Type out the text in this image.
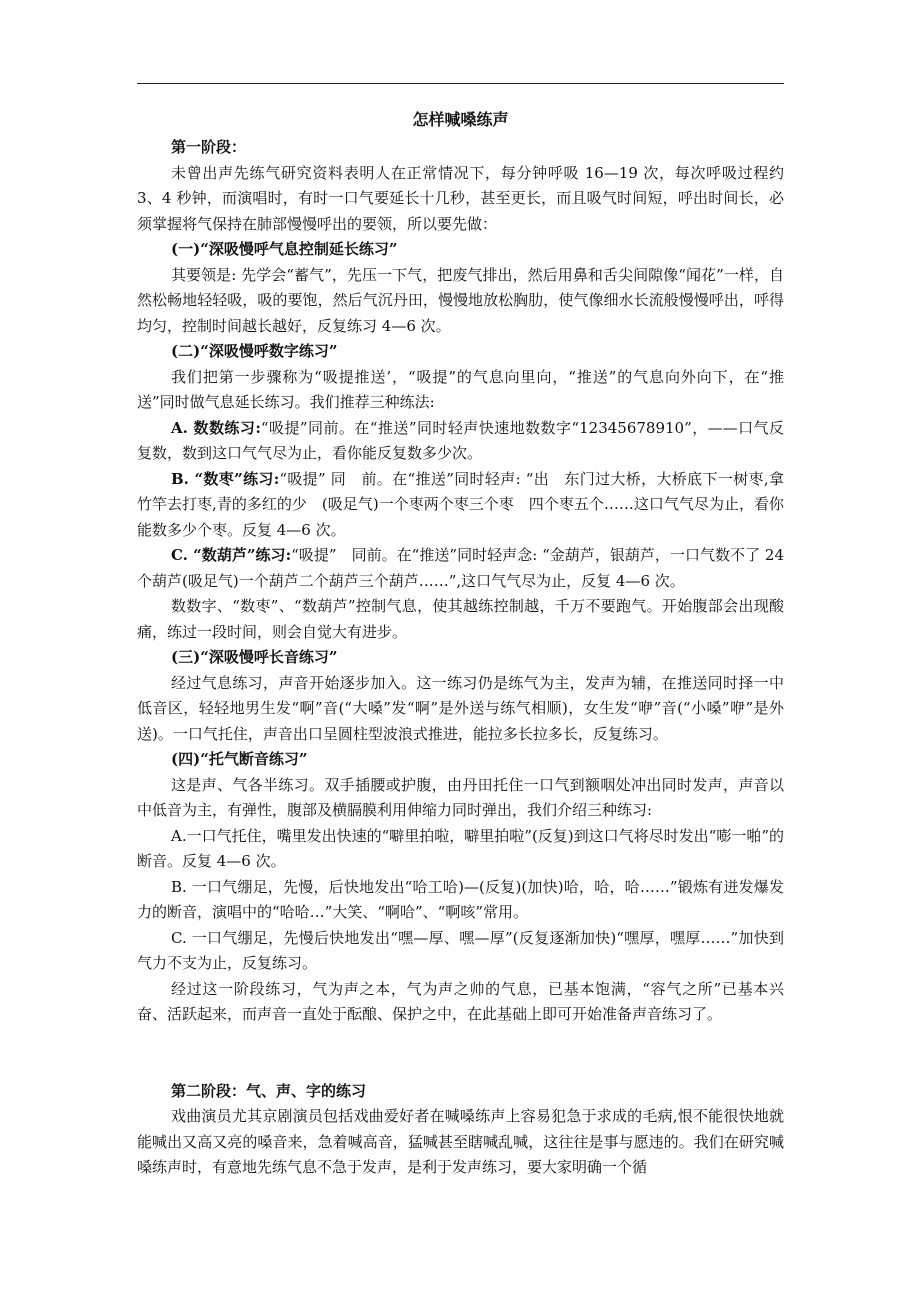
怎样喊嗓练声
第一阶段：

未曾出声先练气研究资料表明人在正常情况下，每分钟呼吸 16—19 次，每次呼吸过程约 3、4 秒钟，而演唱时，有时一口气要延长十几秒，甚至更长，而且吸气时间短，呼出时间长，必须掌握将气保持在肺部慢慢呼出的要领，所以要先做：

(一)“深吸慢呼气息控制延长练习”

其要领是: 先学会“蓄气”，先压一下气，把废气排出，然后用鼻和舌尖间隙像“闻花”一样，自然松畅地轻轻吸，吸的要饱，然后气沉丹田，慢慢地放松胸肋，使气像细水长流般慢慢呼出，呼得均匀，控制时间越长越好，反复练习 4—6 次。

(二)“深吸慢呼数字练习”

我们把第一步骤称为“吸提推送’，“吸提”的气息向里向，“推送”的气息向外向下，在“推送”同时做气息延长练习。我们推荐三种练法:

A. 数数练习:“吸提”同前。在“推送”同时轻声快速地数数字“12345678910”，——口气反复数，数到这口气气尽为止，看你能反复数多少次。

B. “数枣”练习:“吸提” 同　前。在“推送”同时轻声: “出　东门过大桥，大桥底下一树枣,拿竹竿去打枣,青的多红的少　(吸足气)一个枣两个枣三个枣　四个枣五个……这口气气尽为止，看你能数多少个枣。反复 4—6 次。

C. “数葫芦”练习:“吸提”　同前。在“推送”同时轻声念: “金葫芦，银葫芦，一口气数不了 24 个葫芦(吸足气)一个葫芦二个葫芦三个葫芦……”,这口气气尽为止，反复 4—6 次。

数数字、“数枣”、“数葫芦”控制气息，使其越练控制越，千万不要跑气。开始腹部会出现酸痛，练过一段时间，则会自觉大有进步。

(三)“深吸慢呼长音练习”

经过气息练习，声音开始逐步加入。这一练习仍是练气为主，发声为辅，在推送同时择一中低音区，轻轻地男生发“啊”音(“大嗓”发“啊”是外送与练气相顺)，女生发“咿”音(“小嗓”咿”是外送)。一口气托住，声音出口呈圆柱型波浪式推进，能拉多长拉多长，反复练习。

(四)“托气断音练习”

这是声、气各半练习。双手插腰或护腹，由丹田托住一口气到额咽处冲出同时发声，声音以中低音为主，有弹性，腹部及横膈膜利用伸缩力同时弹出，我们介绍三种练习:

A.一口气托住，嘴里发出快速的“噼里拍啦，噼里拍啦”(反复)到这口气将尽时发出“嘭一啪”的断音。反复 4—6 次。

B. 一口气绷足，先慢，后快地发出“哈工哈)—(反复)(加快)哈，哈，哈……”锻炼有迸发爆发力的断音，演唱中的“哈哈…”大笑、“啊哈”、“啊咳”常用。

C. 一口气绷足，先慢后快地发出“嘿—厚、嘿—厚”(反复逐渐加快)“嘿厚，嘿厚……”加快到气力不支为止，反复练习。

经过这一阶段练习，气为声之本，气为声之帅的气息，已基本饱满，“容气之所”已基本兴奋、活跃起来，而声音一直处于酝酿、保护之中，在此基础上即可开始准备声音练习了。

第二阶段：气、声、字的练习

戏曲演员尤其京剧演员包括戏曲爱好者在喊嗓练声上容易犯急于求成的毛病,恨不能很快地就能喊出又高又亮的嗓音来，急着喊高音，猛喊甚至瞎喊乱喊，这往往是事与愿违的。我们在研究喊嗓练声时，有意地先练气息不急于发声，是利于发声练习，要大家明确一个循
